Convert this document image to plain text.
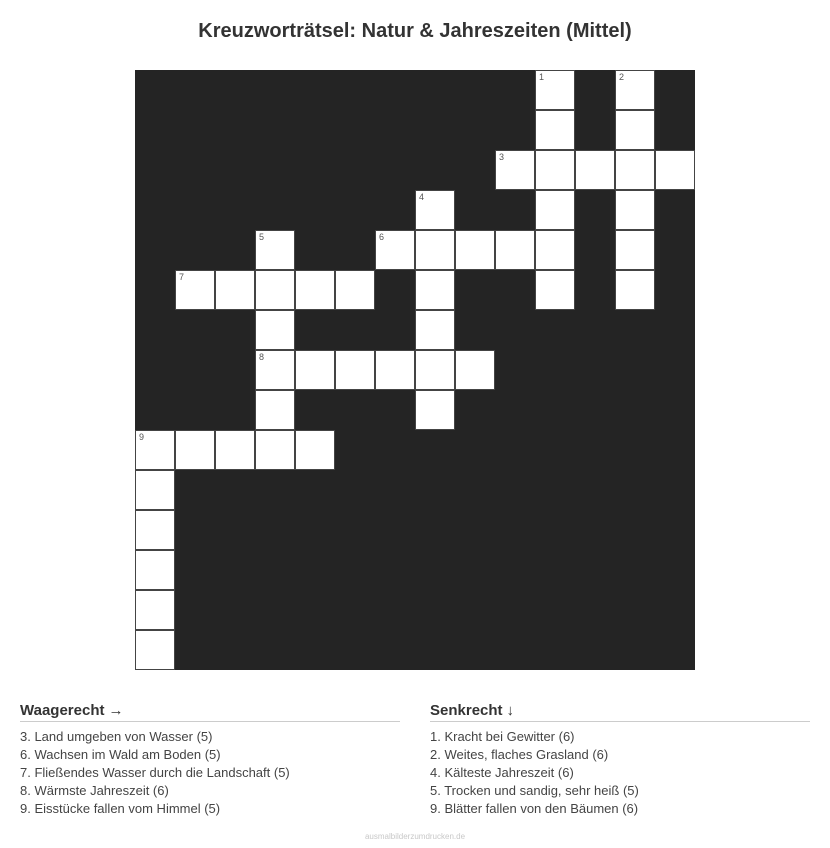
Kreuzworträtsel: Natur & Jahreszeiten (Mittel)
1	2
3
4
5
8
6
7
9
Waagerecht →
3. Land umgeben von Wasser (5)
6. Wachsen im Wald am Boden (5)
7. Fließendes Wasser durch die Landschaft (5)
8. Wärmste Jahreszeit (6)
9. Eisstücke fallen vom Himmel (5)
Senkrecht ↓
1. Kracht bei Gewitter (6)
2. Weites, flaches Grasland (6)
4. Kälteste Jahreszeit (6)
5. Trocken und sandig, sehr heiß (5)
9. Blätter fallen von den Bäumen (6)
ausmalbilderzumdrucken.de
